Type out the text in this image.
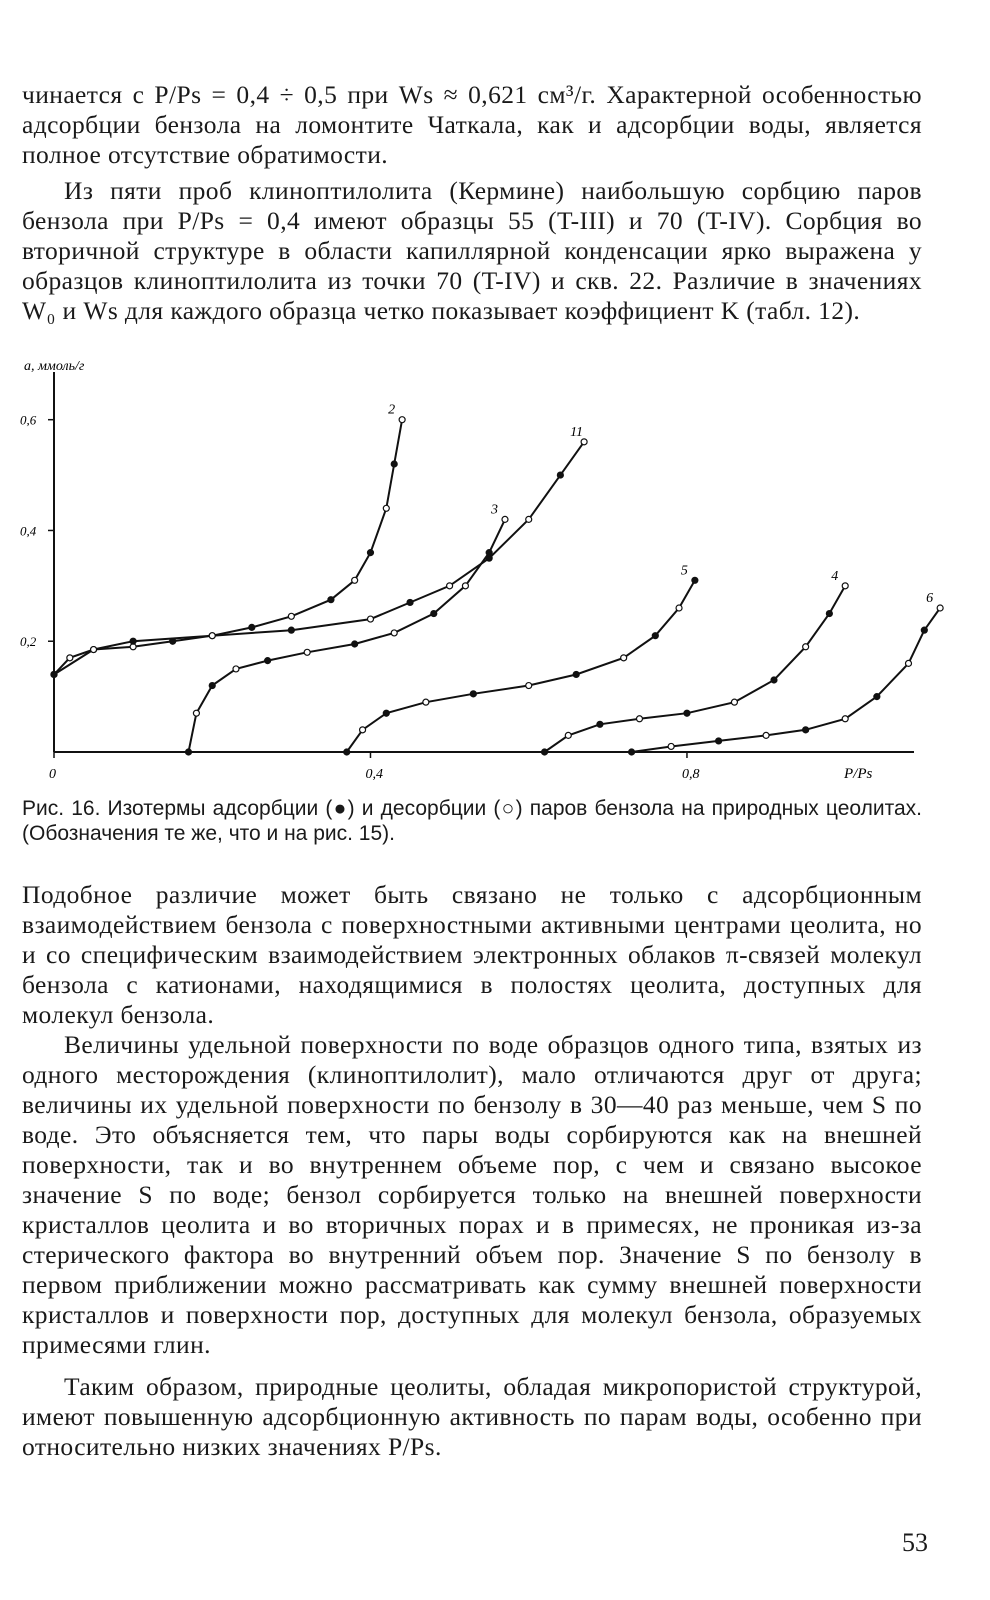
чинается с P/Ps = 0,4 ÷ 0,5 при Ws ≈ 0,621 см³/г. Характерной особенностью адсорбции бензола на ломонтите Чаткала, как и адсорбции воды, является полное отсутствие обратимости.
Из пяти проб клиноптилолита (Кермине) наибольшую сорбцию паров бензола при P/Ps = 0,4 имеют образцы 55 (T-III) и 70 (T-IV). Сорбция во вторичной структуре в области капиллярной конденсации ярко выражена у образцов клиноптилолита из точки 70 (T-IV) и скв. 22. Различие в значениях W₀ и Ws для каждого образца четко показывает коэффициент K (табл. 12).
a, ммоль/г
P/Ps
0	0,4	0,8
0,2
0,4
0,6
2
11
3
5	4
6
Рис. 16. Изотермы адсорбции (●) и десорбции (○) паров бензола на природных цеолитах. (Обозначения те же, что и на рис. 15).
Подобное различие может быть связано не только с адсорбционным взаимодействием бензола с поверхностными активными центрами цеолита, но и со специфическим взаимодействием электронных облаков π-связей молекул бензола с катионами, находящимися в полостях цеолита, доступных для молекул бензола.
Величины удельной поверхности по воде образцов одного типа, взятых из одного месторождения (клиноптилолит), мало отличаются друг от друга; величины их удельной поверхности по бензолу в 30—40 раз меньше, чем S по воде. Это объясняется тем, что пары воды сорбируются как на внешней поверхности, так и во внутреннем объеме пор, с чем и связано высокое значение S по воде; бензол сорбируется только на внешней поверхности кристаллов цеолита и во вторичных порах и в примесях, не проникая из-за стерического фактора во внутренний объем пор. Значение S по бензолу в первом приближении можно рассматривать как сумму внешней поверхности кристаллов и поверхности пор, доступных для молекул бензола, образуемых примесями глин.
Таким образом, природные цеолиты, обладая микропористой структурой, имеют повышенную адсорбционную активность по парам воды, особенно при относительно низких значениях P/Ps.
53
